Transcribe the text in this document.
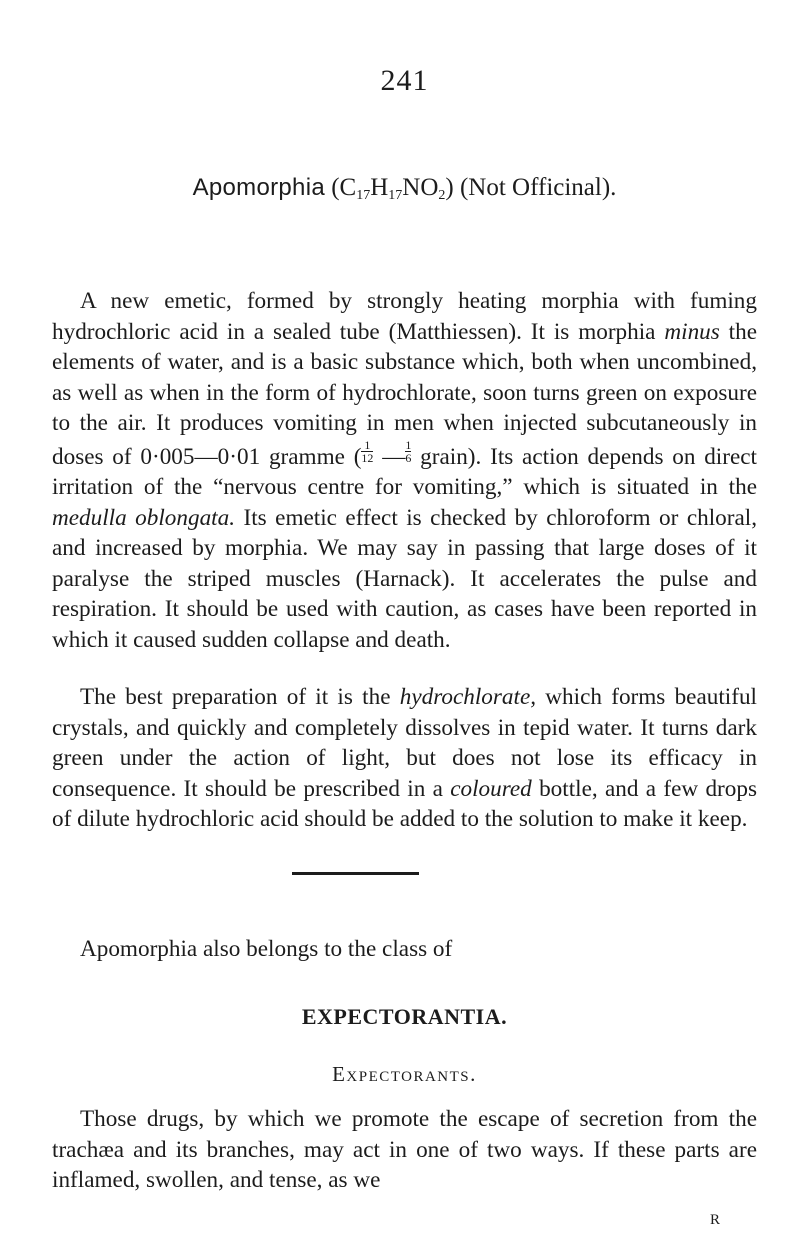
241
Apomorphia $(C_{17}H_{17}NO_2)$ (Not Officinal).

A new emetic, formed by strongly heating morphia with fuming hydrochloric acid in a sealed tube (Matthiessen). It is morphia minus the elements of water, and is a basic substance which, both when uncombined, as well as when in the form of hydrochlorate, soon turns green on exposure to the air. It produces vomiting in men when injected subcutaneously in doses of 0·005—0·01 gramme ( $\frac{1}{12}$ — $\frac{1}{6}$ grain). Its action depends on direct irritation of the “nervous centre for vomiting,” which is situated in the medulla oblongata. Its emetic effect is checked by chloroform or chloral, and increased by morphia. We may say in passing that large doses of it paralyse the striped muscles (Harnack). It accelerates the pulse and respiration. It should be used with caution, as cases have been reported in which it caused sudden collapse and death.

The best preparation of it is the hydrochlorate, which forms beautiful crystals, and quickly and completely dissolves in tepid water. It turns dark green under the action of light, but does not lose its efficacy in consequence. It should be prescribed in a coloured bottle, and a few drops of dilute hydrochloric acid should be added to the solution to make it keep.

Apomorphia also belongs to the class of

EXPECTORANTIA.
Expectorants.

Those drugs, by which we promote the escape of secretion from the trachæa and its branches, may act in one of two ways. If these parts are inflamed, swollen, and tense, as we

R
